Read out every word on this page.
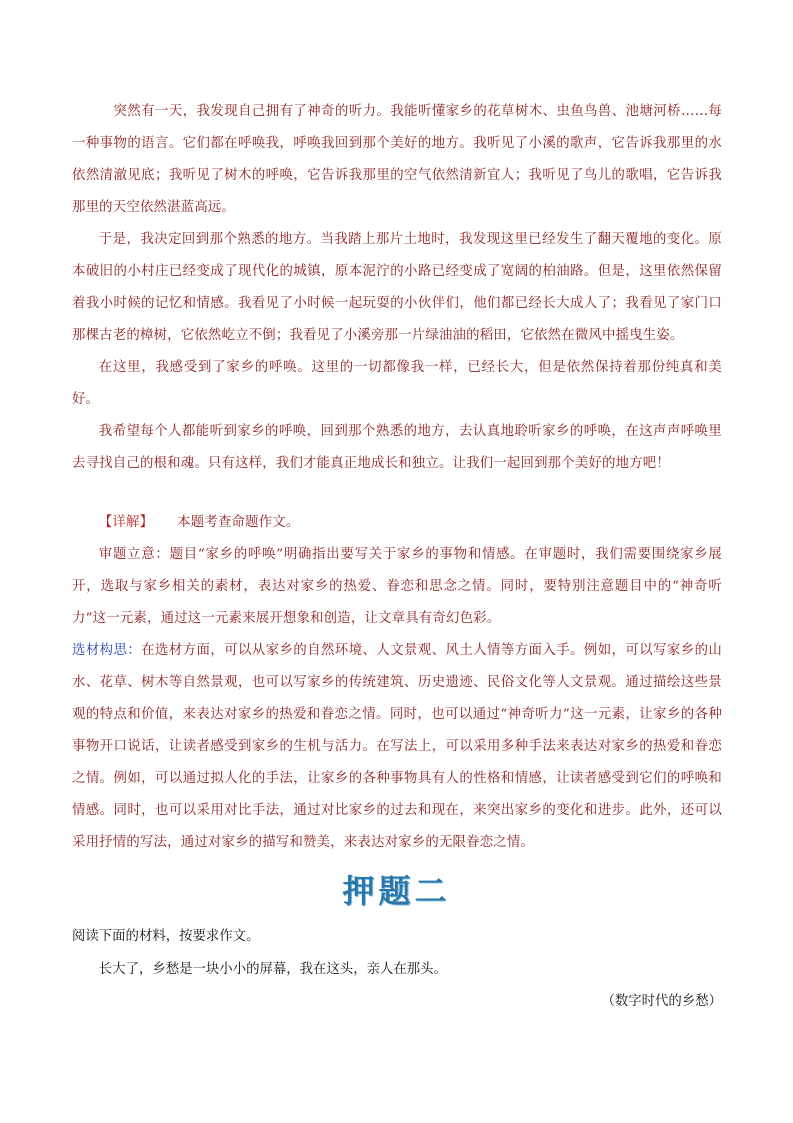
突然有一天，我发现自己拥有了神奇的听力。我能听懂家乡的花草树木、虫鱼鸟兽、池塘河桥……每一种事物的语言。它们都在呼唤我，呼唤我回到那个美好的地方。我听见了小溪的歌声，它告诉我那里的水依然清澈见底；我听见了树木的呼唤，它告诉我那里的空气依然清新宜人；我听见了鸟儿的歌唱，它告诉我那里的天空依然湛蓝高远。

于是，我决定回到那个熟悉的地方。当我踏上那片土地时，我发现这里已经发生了翻天覆地的变化。原本破旧的小村庄已经变成了现代化的城镇，原本泥泞的小路已经变成了宽阔的柏油路。但是，这里依然保留着我小时候的记忆和情感。我看见了小时候一起玩耍的小伙伴们，他们都已经长大成人了；我看见了家门口那棵古老的樟树，它依然屹立不倒；我看见了小溪旁那一片绿油油的稻田，它依然在微风中摇曳生姿。

在这里，我感受到了家乡的呼唤。这里的一切都像我一样，已经长大，但是依然保持着那份纯真和美好。

我希望每个人都能听到家乡的呼唤，回到那个熟悉的地方，去认真地聆听家乡的呼唤，在这声声呼唤里去寻找自己的根和魂。只有这样，我们才能真正地成长和独立。让我们一起回到那个美好的地方吧！

【详解】 本题考查命题作文。

审题立意：题目“家乡的呼唤”明确指出要写关于家乡的事物和情感。在审题时，我们需要围绕家乡展开，选取与家乡相关的素材，表达对家乡的热爱、眷恋和思念之情。同时，要特别注意题目中的“神奇听力”这一元素，通过这一元素来展开想象和创造，让文章具有奇幻色彩。

选材构思：在选材方面，可以从家乡的自然环境、人文景观、风土人情等方面入手。例如，可以写家乡的山水、花草、树木等自然景观，也可以写家乡的传统建筑、历史遗迹、民俗文化等人文景观。通过描绘这些景观的特点和价值，来表达对家乡的热爱和眷恋之情。同时，也可以通过“神奇听力”这一元素，让家乡的各种事物开口说话，让读者感受到家乡的生机与活力。在写法上，可以采用多种手法来表达对家乡的热爱和眷恋之情。例如，可以通过拟人化的手法，让家乡的各种事物具有人的性格和情感，让读者感受到它们的呼唤和情感。同时，也可以采用对比手法，通过对比家乡的过去和现在，来突出家乡的变化和进步。此外，还可以采用抒情的写法，通过对家乡的描写和赞美，来表达对家乡的无限眷恋之情。

押题二
阅读下面的材料，按要求作文。
长大了，乡愁是一块小小的屏幕，我在这头，亲人在那头。
（数字时代的乡愁）
